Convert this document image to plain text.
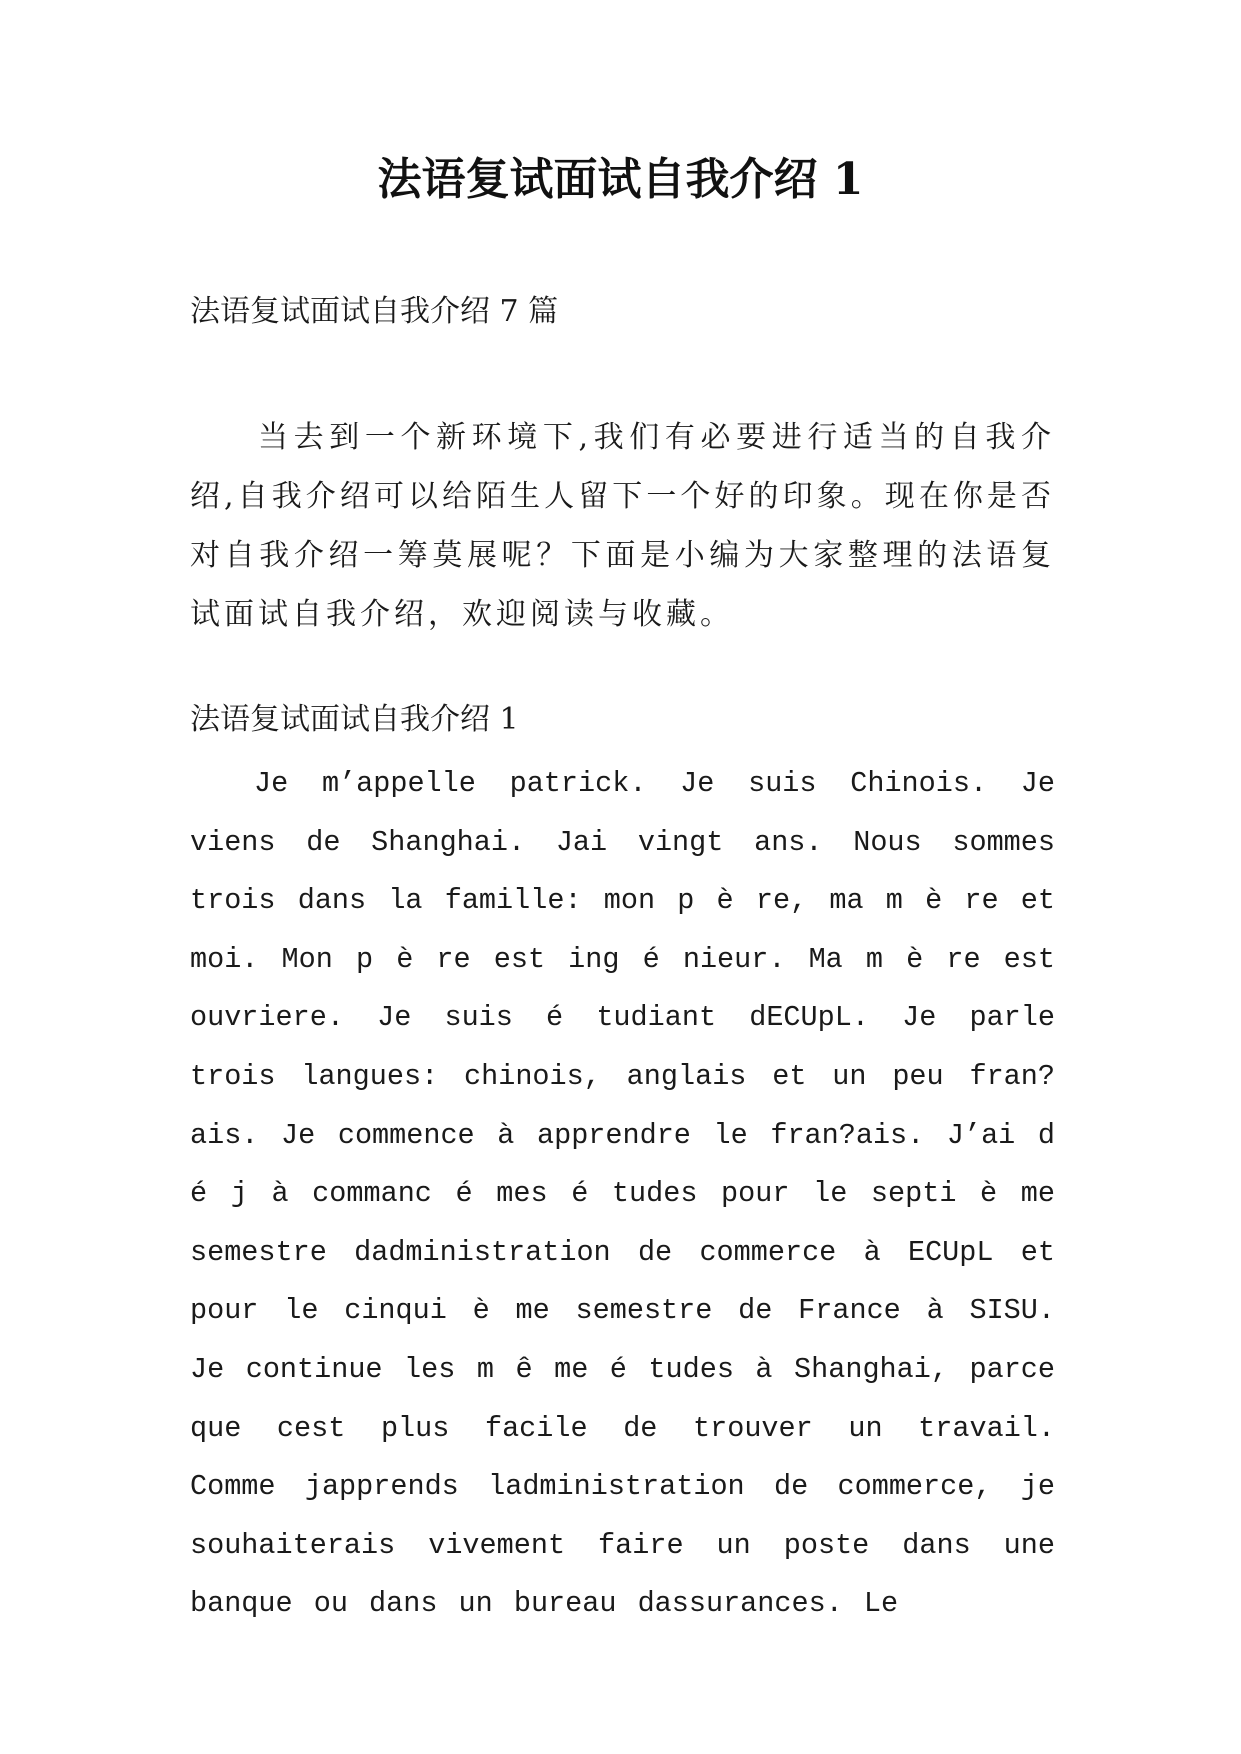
法语复试面试自我介绍 1

法语复试面试自我介绍 7 篇

当去到一个新环境下,我们有必要进行适当的自我介绍,自我介绍可以给陌生人留下一个好的印象。现在你是否对自我介绍一筹莫展呢？下面是小编为大家整理的法语复试面试自我介绍，欢迎阅读与收藏。

法语复试面试自我介绍 1

Je m’appelle patrick. Je suis Chinois. Je viens de Shanghai. Jai vingt ans. Nous sommes trois dans la famille: mon p è re, ma m è re et moi. Mon p è re est ing é nieur. Ma m è re est ouvriere. Je suis é tudiant dECUpL. Je parle trois langues: chinois, anglais et un peu fran?ais. Je commence à apprendre le fran?ais. J’ai d é j à commanc é mes é tudes pour le septi è me semestre dadministration de commerce à ECUpL et pour le cinqui è me semestre de France à SISU. Je continue les m ê me é tudes à Shanghai, parce que cest plus facile de trouver un travail. Comme japprends ladministration de commerce, je souhaiterais vivement faire un poste dans une banque ou dans un bureau dassurances. Le
